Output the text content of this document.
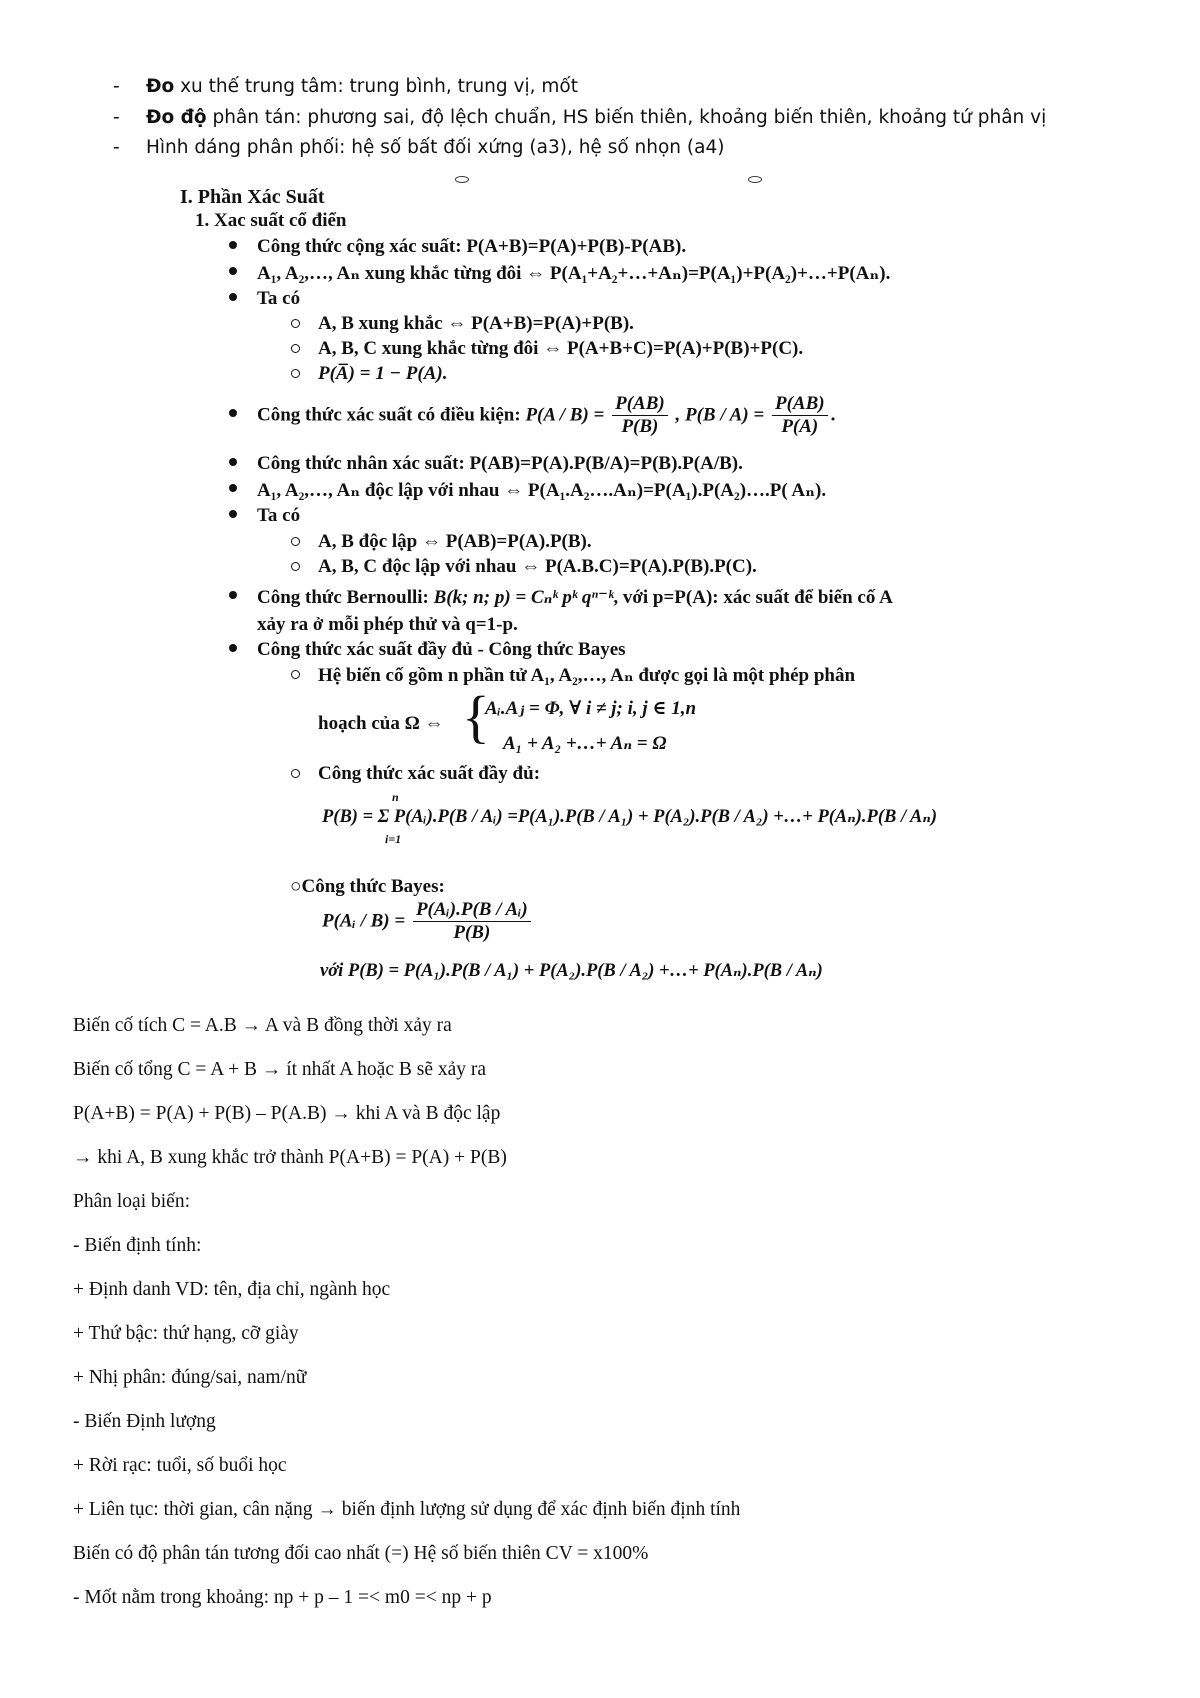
- Đo xu thế trung tâm: trung bình, trung vị, mốt
- Đo độ phân tán: phương sai, độ lệch chuẩn, HS biến thiên, khoảng biến thiên, khoảng tứ phân vị
- Hình dáng phân phối: hệ số bất đối xứng (a3), hệ số nhọn (a4)
I. Phần Xác Suất
1. Xac suất cổ điển
Công thức cộng xác suất: P(A+B)=P(A)+P(B)-P(AB).
A₁, A₂,…, Aₙ xung khắc từng đôi ⇔ P(A₁+A₂+…+Aₙ)=P(A₁)+P(A₂)+…+P(Aₙ).
Ta có
A, B xung khắc ⇔ P(A+B)=P(A)+P(B).
A, B, C xung khắc từng đôi ⇔ P(A+B+C)=P(A)+P(B)+P(C).
P(A̅) = 1 − P(A).
Công thức xác suất có điều kiện: $P(A / B) = \frac{P(AB)}{P(B)}$ , $P(B / A) = \frac{P(AB)}{P(A)}$ .
Công thức nhân xác suất: P(AB)=P(A).P(B/A)=P(B).P(A/B).
A₁, A₂,…, Aₙ độc lập với nhau ⇔ P(A₁.A₂….Aₙ)=P(A₁).P(A₂)….P( Aₙ).
Ta có
A, B độc lập ⇔ P(AB)=P(A).P(B).
A, B, C độc lập với nhau ⇔ P(A.B.C)=P(A).P(B).P(C).
Công thức Bernoulli: B(k; n; p) = Cₙᵏ pᵏ qⁿ⁻ᵏ, với p=P(A): xác suất để biến cố A
xảy ra ở mỗi phép thử và q=1-p.
Công thức xác suất đầy đủ - Công thức Bayes
Hệ biến cố gồm n phần tử A₁, A₂,…, Aₙ được gọi là một phép phân
hoạch của Ω ⇔ {
Aᵢ.Aⱼ = Φ, ∀ i ≠ j; i, j ∈ 1,n
A₁ + A₂ +…+ Aₙ = Ω
Công thức xác suất đầy đủ:
n
P(B) = Σ P(Aᵢ).P(B / Aᵢ) =P(A₁).P(B / A₁) + P(A₂).P(B / A₂) +…+ P(Aₙ).P(B / Aₙ)
i=1
○Công thức Bayes:
P(Aᵢ / $B) = \frac{\text{P(Aᵢ).P(B / Aᵢ)}}{P(B)}$
với P(B) = P(A₁).P(B / A₁) + P(A₂).P(B / A₂) +…+ P(Aₙ).P(B / Aₙ)
Biến cố tích C = A.B → A và B đồng thời xảy ra
Biến cố tổng C = A + B → ít nhất A hoặc B sẽ xảy ra
P(A+B) = P(A) + P(B) – P(A.B) → khi A và B độc lập
→ khi A, B xung khắc trở thành P(A+B) = P(A) + P(B)
Phân loại biến:
- Biến định tính:
+ Định danh VD: tên, địa chỉ, ngành học
+ Thứ bậc: thứ hạng, cỡ giày
+ Nhị phân: đúng/sai, nam/nữ
- Biến Định lượng
+ Rời rạc: tuổi, số buổi học
+ Liên tục: thời gian, cân nặng → biến định lượng sử dụng để xác định biến định tính
Biến có độ phân tán tương đối cao nhất (=) Hệ số biến thiên CV = x100%
- Mốt nằm trong khoảng: np + p – 1 =< m0 =< np + p
